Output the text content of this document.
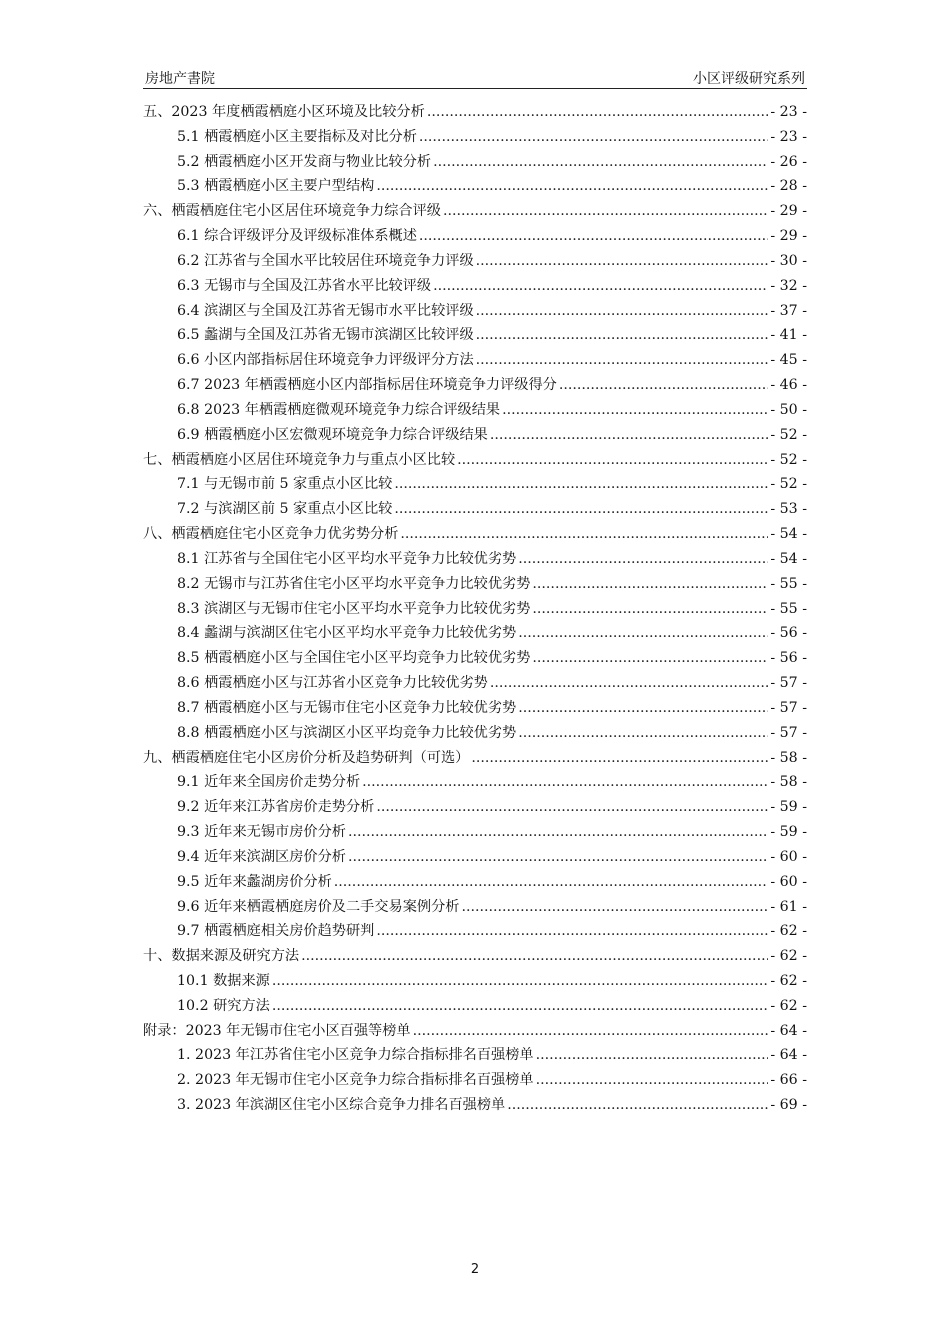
房地产書院	小区评级研究系列
五、2023 年度栖霞栖庭小区环境及比较分析 .....	- 23 -
5.1 栖霞栖庭小区主要指标及对比分析 .....	- 23 -
5.2 栖霞栖庭小区开发商与物业比较分析 .....	- 26 -
5.3 栖霞栖庭小区主要户型结构 .....	- 28 -
六、栖霞栖庭住宅小区居住环境竞争力综合评级 .....	- 29 -
6.1 综合评级评分及评级标准体系概述 .....	- 29 -
6.2 江苏省与全国水平比较居住环境竞争力评级 .....	- 30 -
6.3 无锡市与全国及江苏省水平比较评级 .....	- 32 -
6.4 滨湖区与全国及江苏省无锡市水平比较评级 .....	- 37 -
6.5 蠡湖与全国及江苏省无锡市滨湖区比较评级 .....	- 41 -
6.6 小区内部指标居住环境竞争力评级评分方法 .....	- 45 -
6.7 2023 年栖霞栖庭小区内部指标居住环境竞争力评级得分 .....	- 46 -
6.8 2023 年栖霞栖庭微观环境竞争力综合评级结果 .....	- 50 -
6.9 栖霞栖庭小区宏微观环境竞争力综合评级结果 .....	- 52 -
七、栖霞栖庭小区居住环境竞争力与重点小区比较 .....	- 52 -
7.1 与无锡市前 5 家重点小区比较 .....	- 52 -
7.2 与滨湖区前 5 家重点小区比较 .....	- 53 -
八、栖霞栖庭住宅小区竞争力优劣势分析 .....	- 54 -
8.1 江苏省与全国住宅小区平均水平竞争力比较优劣势 .....	- 54 -
8.2 无锡市与江苏省住宅小区平均水平竞争力比较优劣势 .....	- 55 -
8.3 滨湖区与无锡市住宅小区平均水平竞争力比较优劣势 .....	- 55 -
8.4 蠡湖与滨湖区住宅小区平均水平竞争力比较优劣势 .....	- 56 -
8.5 栖霞栖庭小区与全国住宅小区平均竞争力比较优劣势 .....	- 56 -
8.6 栖霞栖庭小区与江苏省小区竞争力比较优劣势 .....	- 57 -
8.7 栖霞栖庭小区与无锡市住宅小区竞争力比较优劣势 .....	- 57 -
8.8 栖霞栖庭小区与滨湖区小区平均竞争力比较优劣势 .....	- 57 -
九、栖霞栖庭住宅小区房价分析及趋势研判（可选） .....	- 58 -
9.1 近年来全国房价走势分析 .....	- 58 -
9.2 近年来江苏省房价走势分析 .....	- 59 -
9.3 近年来无锡市房价分析 .....	- 59 -
9.4 近年来滨湖区房价分析 .....	- 60 -
9.5 近年来蠡湖房价分析 .....	- 60 -
9.6 近年来栖霞栖庭房价及二手交易案例分析 .....	- 61 -
9.7 栖霞栖庭相关房价趋势研判 .....	- 62 -
十、数据来源及研究方法 .....	- 62 -
10.1 数据来源 .....	- 62 -
10.2 研究方法 .....	- 62 -
附录：2023 年无锡市住宅小区百强等榜单 .....	- 64 -
1. 2023 年江苏省住宅小区竞争力综合指标排名百强榜单 .....	- 64 -
2. 2023 年无锡市住宅小区竞争力综合指标排名百强榜单 .....	- 66 -
3. 2023 年滨湖区住宅小区综合竞争力排名百强榜单 .....	- 69 -
2
